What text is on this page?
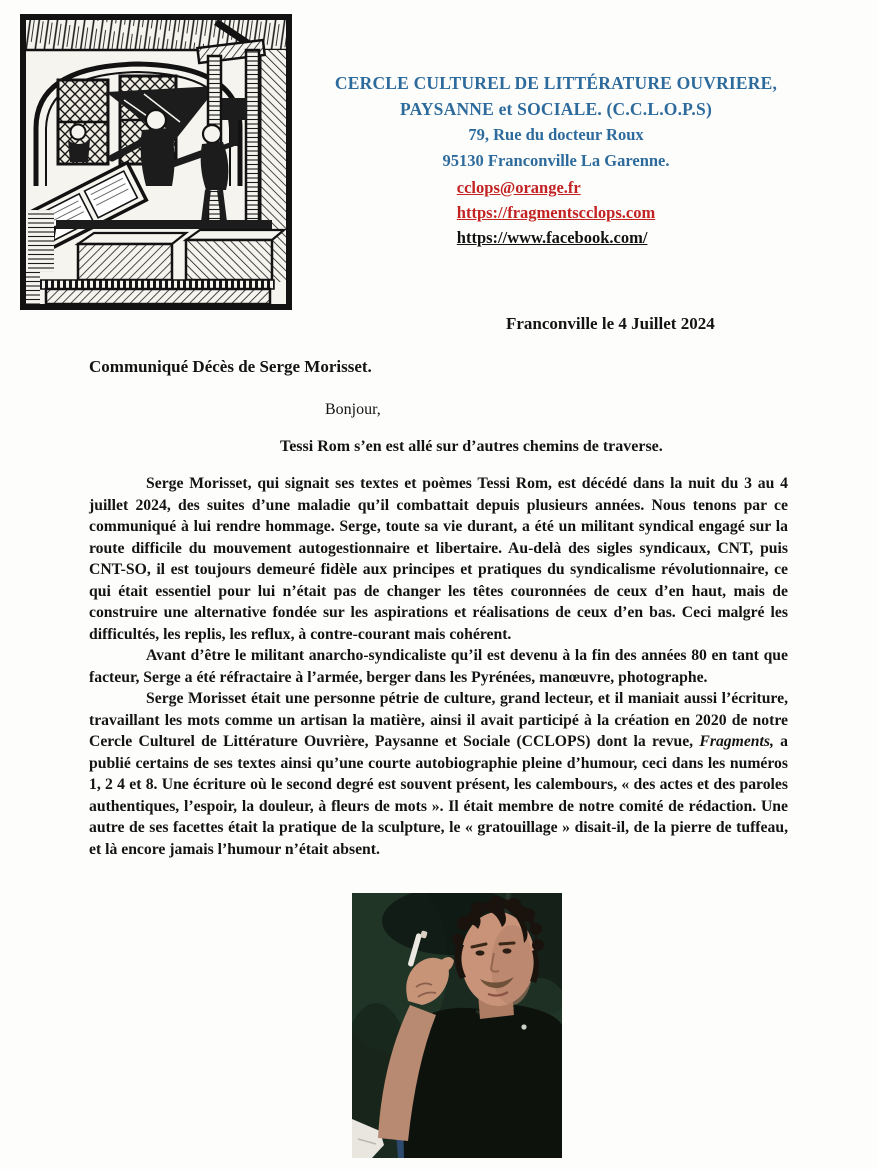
CERCLE CULTUREL DE LITTÉRATURE OUVRIERE,
PAYSANNE et SOCIALE. (C.C.L.O.P.S)
79, Rue du docteur Roux
95130 Franconville La Garenne.
cclops@orange.fr
https://fragmentscclops.com
https://www.facebook.com/
Franconville le 4 Juillet 2024
Communiqué Décès de Serge Morisset.
Bonjour,
Tessi Rom s’en est allé sur d’autres chemins de traverse.

Serge Morisset, qui signait ses textes et poèmes Tessi Rom, est décédé dans la nuit du 3 au 4 juillet 2024, des suites d’une maladie qu’il combattait depuis plusieurs années. Nous tenons par ce communiqué à lui rendre hommage. Serge, toute sa vie durant, a été un militant syndical engagé sur la route difficile du mouvement autogestionnaire et libertaire. Au-delà des sigles syndicaux, CNT, puis CNT-SO, il est toujours demeuré fidèle aux principes et pratiques du syndicalisme révolutionnaire, ce qui était essentiel pour lui n’était pas de changer les têtes couronnées de ceux d’en haut, mais de construire une alternative fondée sur les aspirations et réalisations de ceux d’en bas. Ceci malgré les difficultés, les replis, les reflux, à contre-courant mais cohérent.

Avant d’être le militant anarcho-syndicaliste qu’il est devenu à la fin des années 80 en tant que facteur, Serge a été réfractaire à l’armée, berger dans les Pyrénées, manœuvre, photographe.

Serge Morisset était une personne pétrie de culture, grand lecteur, et il maniait aussi l’écriture, travaillant les mots comme un artisan la matière, ainsi il avait participé à la création en 2020 de notre Cercle Culturel de Littérature Ouvrière, Paysanne et Sociale (CCLOPS) dont la revue, Fragments, a publié certains de ses textes ainsi qu’une courte autobiographie pleine d’humour, ceci dans les numéros 1, 2 4 et 8. Une écriture où le second degré est souvent présent, les calembours, « des actes et des paroles authentiques, l’espoir, la douleur, à fleurs de mots ». Il était membre de notre comité de rédaction. Une autre de ses facettes était la pratique de la sculpture, le « gratouillage » disait-il, de la pierre de tuffeau, et là encore jamais l’humour n’était absent.
